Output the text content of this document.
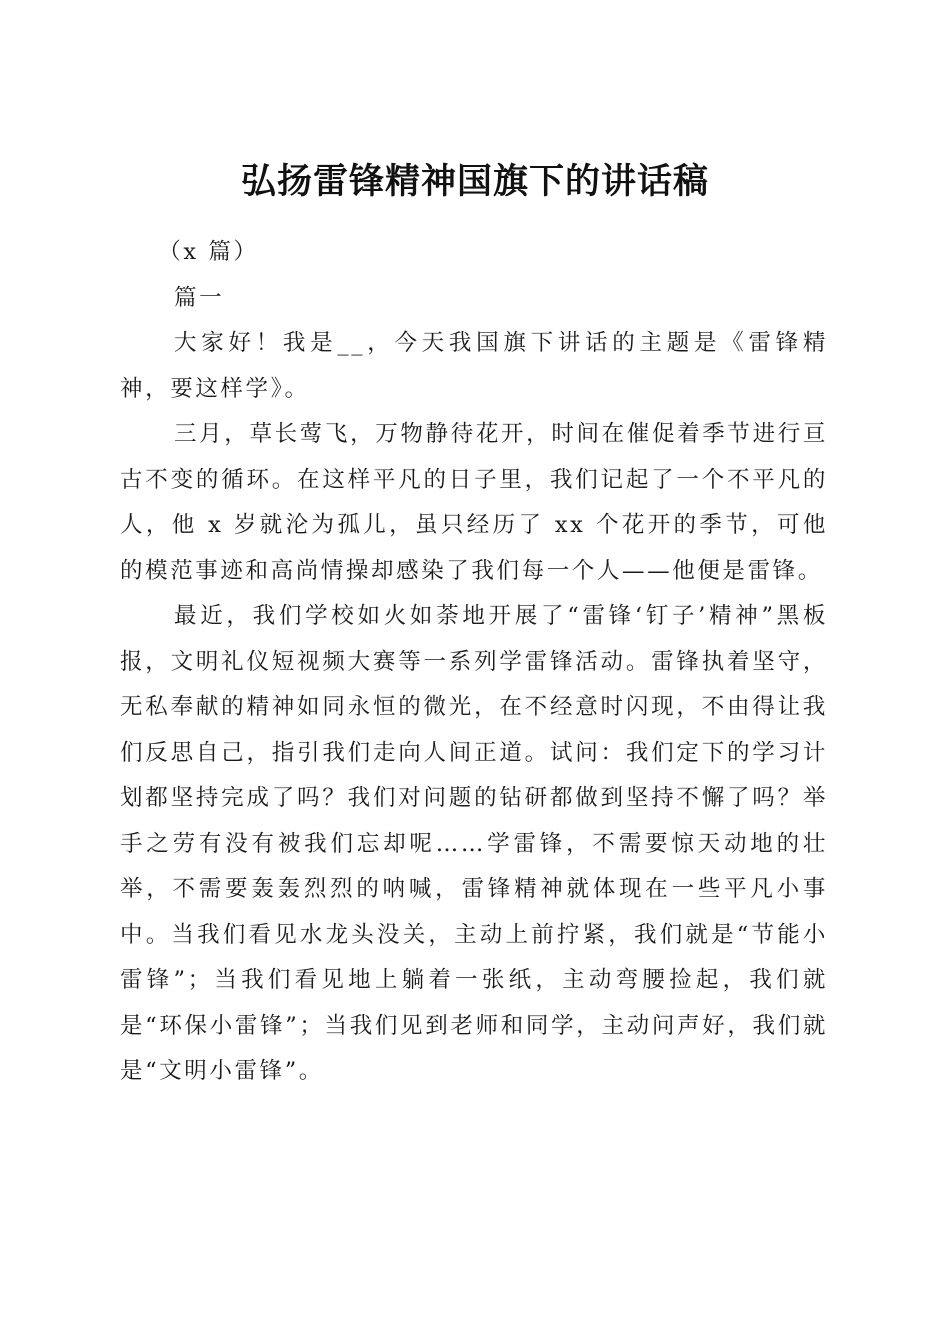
弘扬雷锋精神国旗下的讲话稿

（x 篇）

篇一

大家好！我是__，今天我国旗下讲话的主题是《雷锋精神，要这样学》。

三月，草长莺飞，万物静待花开，时间在催促着季节进行亘古不变的循环。在这样平凡的日子里，我们记起了一个不平凡的人，他 x 岁就沦为孤儿，虽只经历了 xx 个花开的季节，可他的模范事迹和高尚情操却感染了我们每一个人——他便是雷锋。

最近，我们学校如火如荼地开展了“雷锋‘钉子’精神”黑板报，文明礼仪短视频大赛等一系列学雷锋活动。雷锋执着坚守，无私奉献的精神如同永恒的微光，在不经意时闪现，不由得让我们反思自己，指引我们走向人间正道。试问：我们定下的学习计划都坚持完成了吗？我们对问题的钻研都做到坚持不懈了吗？举手之劳有没有被我们忘却呢……学雷锋，不需要惊天动地的壮举，不需要轰轰烈烈的呐喊，雷锋精神就体现在一些平凡小事中。当我们看见水龙头没关，主动上前拧紧，我们就是“节能小雷锋”；当我们看见地上躺着一张纸，主动弯腰捡起，我们就是“环保小雷锋”；当我们见到老师和同学，主动问声好，我们就是“文明小雷锋”。
